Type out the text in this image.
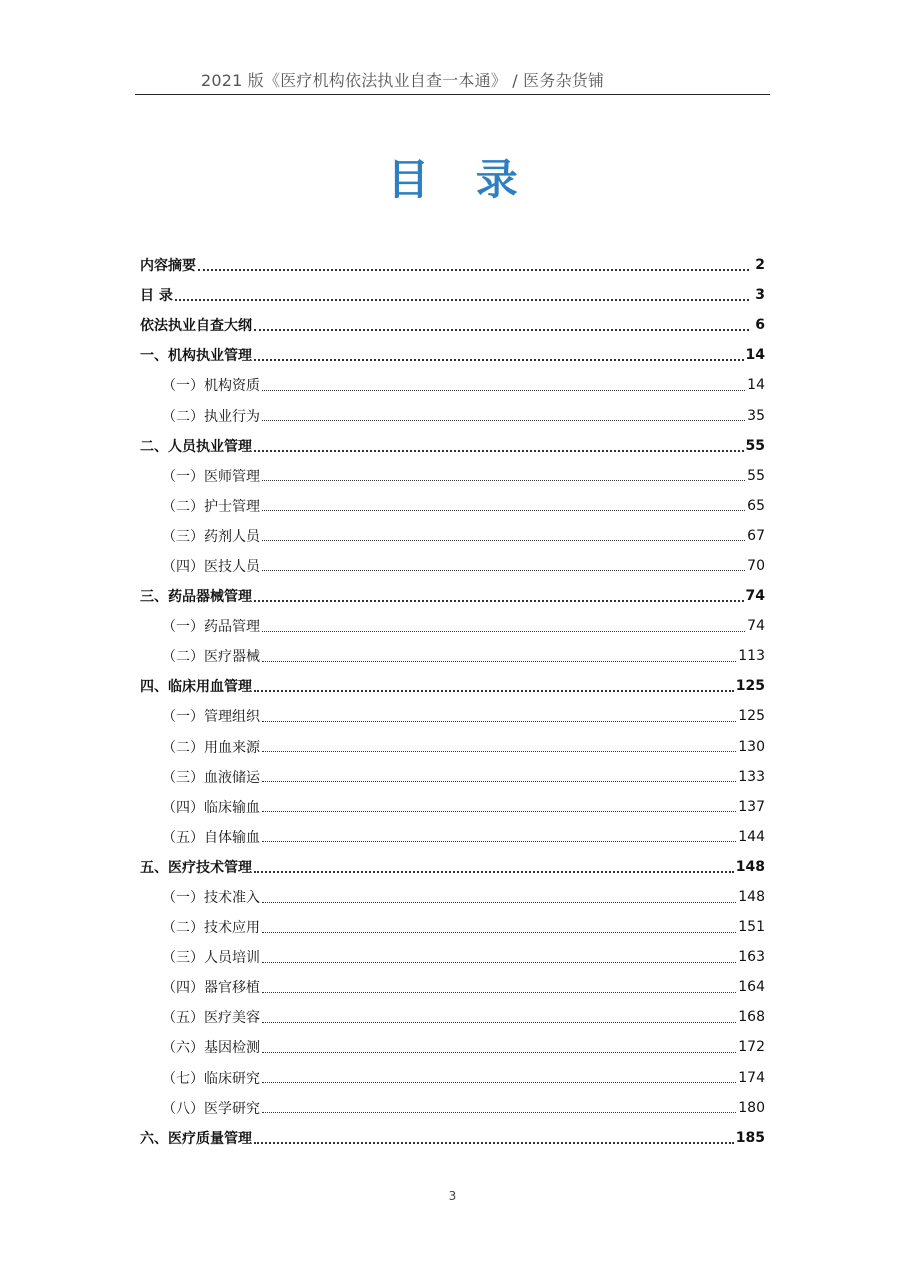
2021 版《医疗机构依法执业自查一本通》 / 医务杂货铺
目 录
内容摘要	2
目 录	3
依法执业自查大纲	6
一、机构执业管理	14
（一）机构资质	14
（二）执业行为	35
二、人员执业管理	55
（一）医师管理	55
（二）护士管理	65
（三）药剂人员	67
（四）医技人员	70
三、药品器械管理	74
（一）药品管理	74
（二）医疗器械	113
四、临床用血管理	125
（一）管理组织	125
（二）用血来源	130
（三）血液储运	133
（四）临床输血	137
（五）自体输血	144
五、医疗技术管理	148
（一）技术准入	148
（二）技术应用	151
（三）人员培训	163
（四）器官移植	164
（五）医疗美容	168
（六）基因检测	172
（七）临床研究	174
（八）医学研究	180
六、医疗质量管理	185
3
